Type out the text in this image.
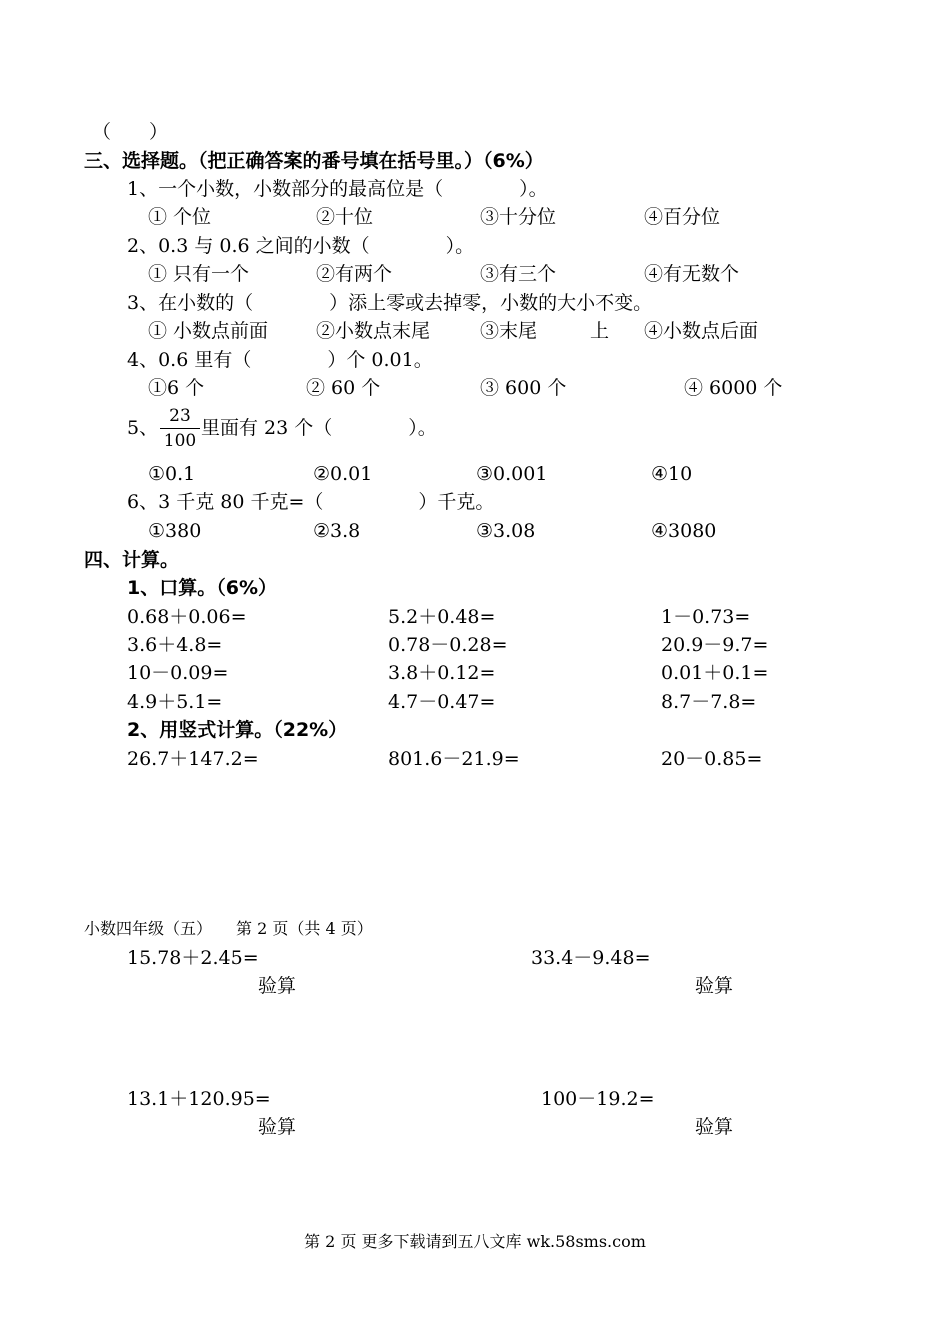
（　　）
三、选择题。（把正确答案的番号填在括号里。）（6%）
1、一个小数，小数部分的最高位是（　　　　）。
① 个位	②十位	③十分位	④百分位
2、0.3 与 0.6 之间的小数（　　　　）。
① 只有一个	②有两个	③有三个	④有无数个
3、在小数的（　　　　）添上零或去掉零，小数的大小不变。
① 小数点前面	②小数点末尾	③末尾	上 ④小数点后面
4、0.6 里有（　　　　）个 0.01。
①6 个	② 60 个	③ 600 个	④ 6000 个
5、
23
100
里面有 23 个（　　　　）。
①0.1	②0.01	③0.001	④10
6、3 千克 80 千克=（　　　　　）千克。
①380	②3.8	③3.08	④3080
四、计算。
1、口算。（6%）
0.68＋0.06=	5.2＋0.48=	1－0.73=
3.6＋4.8=	0.78－0.28=	20.9－9.7=
10－0.09=	3.8＋0.12=	0.01＋0.1=
4.9＋5.1=	4.7－0.47=	8.7－7.8=
2、用竖式计算。（22%）
26.7＋147.2=	801.6－21.9=	20－0.85=
小数四年级（五）　　第 2 页（共 4 页）
15.78＋2.45=	33.4－9.48=
验算	验算
13.1＋120.95=	100－19.2=
验算	验算
第 2 页 更多下载请到五八文库 wk.58sms.com
